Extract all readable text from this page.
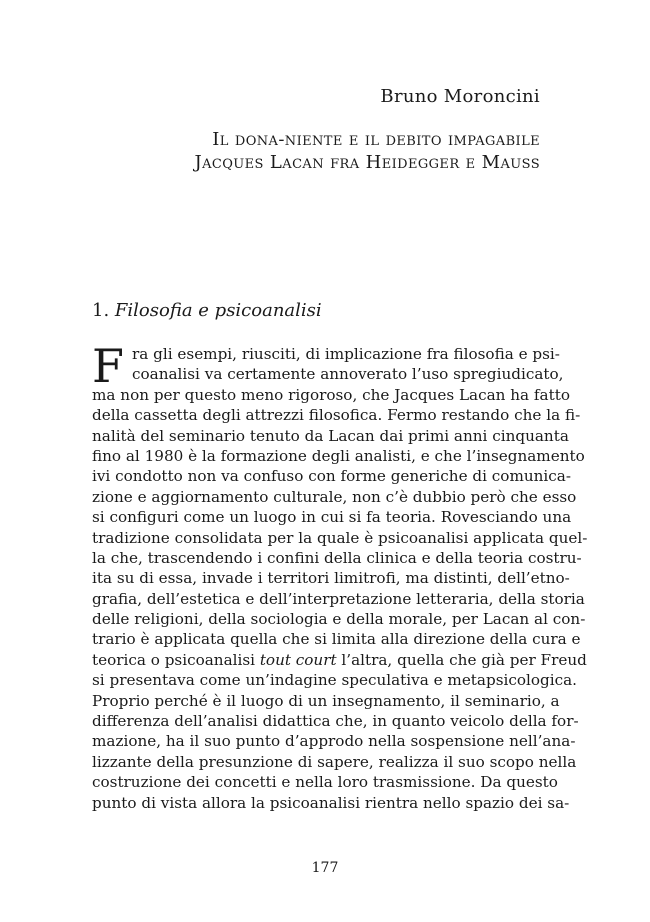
Bruno Moroncini
Il dona-niente e il debito impagabile
Jacques Lacan fra Heidegger e Mauss
1. Filosofia e psicoanalisi
F ra gli esempi, riusciti, di implicazione fra filosofia e psi-
coanalisi va certamente annoverato l’uso spregiudicato,
ma non per questo meno rigoroso, che Jacques Lacan ha fatto
della cassetta degli attrezzi filosofica. Fermo restando che la fi-
nalità del seminario tenuto da Lacan dai primi anni cinquanta
fino al 1980 è la formazione degli analisti, e che l’insegnamento
ivi condotto non va confuso con forme generiche di comunica-
zione e aggiornamento culturale, non c’è dubbio però che esso
si configuri come un luogo in cui si fa teoria. Rovesciando una
tradizione consolidata per la quale è psicoanalisi applicata quel-
la che, trascendendo i confini della clinica e della teoria costru-
ita su di essa, invade i territori limitrofi, ma distinti, dell’etno-
grafia, dell’estetica e dell’interpretazione letteraria, della storia
delle religioni, della sociologia e della morale, per Lacan al con-
trario è applicata quella che si limita alla direzione della cura e
teorica o psicoanalisi tout court l’altra, quella che già per Freud
si presentava come un’indagine speculativa e metapsicologica.
Proprio perché è il luogo di un insegnamento, il seminario, a
differenza dell’analisi didattica che, in quanto veicolo della for-
mazione, ha il suo punto d’approdo nella sospensione nell’ana-
lizzante della presunzione di sapere, realizza il suo scopo nella
costruzione dei concetti e nella loro trasmissione. Da questo
punto di vista allora la psicoanalisi rientra nello spazio dei sa-
177
